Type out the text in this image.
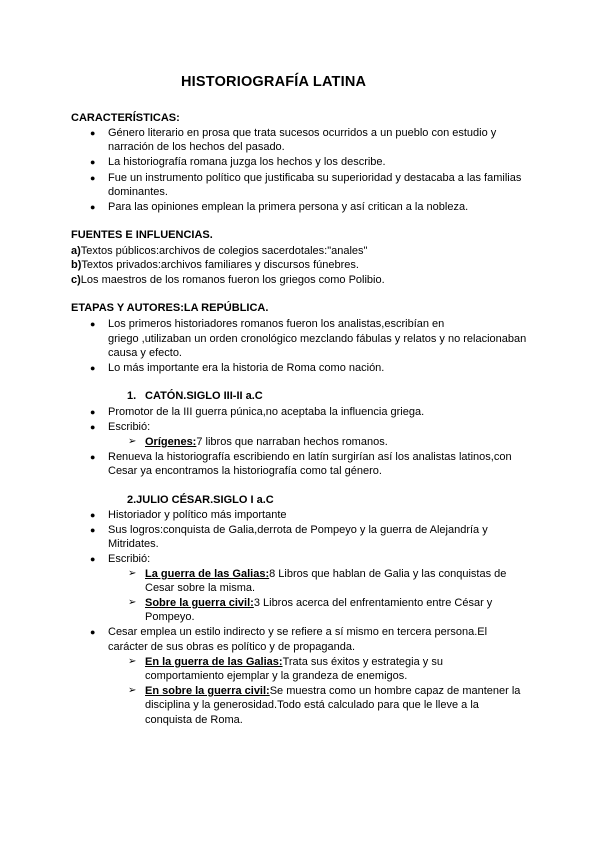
HISTORIOGRAFÍA LATINA
CARACTERÍSTICAS:
● Género literario en prosa que trata sucesos ocurridos a un pueblo con estudio y
narración de los hechos del pasado.
● La historiografía romana juzga los hechos y los describe.
● Fue un instrumento político que justificaba su superioridad y destacaba a las familias
dominantes.
● Para las opiniones emplean la primera persona y así critican a la nobleza.
FUENTES E INFLUENCIAS.
a)Textos públicos:archivos de colegios sacerdotales:"anales"
b)Textos privados:archivos familiares y discursos fúnebres.
c)Los maestros de los romanos fueron los griegos como Polibio.
ETAPAS Y AUTORES:LA REPÚBLICA.
● Los primeros historiadores romanos fueron los analistas,escribían en
griego ,utilizaban un orden cronológico mezclando fábulas y relatos y no relacionaban
causa y efecto.
● Lo más importante era la historia de Roma como nación.
1. CATÓN.SIGLO III-II a.C
● Promotor de la III guerra púnica,no aceptaba la influencia griega.
● Escribió:
➢ Orígenes:7 libros que narraban hechos romanos.
● Renueva la historiografía escribiendo en latín surgirían así los analistas latinos,con
Cesar ya encontramos la historiografía como tal género.
2.JULIO CÉSAR.SIGLO I a.C
● Historiador y político más importante
● Sus logros:conquista de Galia,derrota de Pompeyo y la guerra de Alejandría y
Mitridates.
● Escribió:
➢ La guerra de las Galias:8 Libros que hablan de Galia y las conquistas de
Cesar sobre la misma.
➢ Sobre la guerra civil:3 Libros acerca del enfrentamiento entre César y
Pompeyo.
● Cesar emplea un estilo indirecto y se refiere a sí mismo en tercera persona.El
carácter de sus obras es político y de propaganda.
➢ En la guerra de las Galias:Trata sus éxitos y estrategia y su
comportamiento ejemplar y la grandeza de enemigos.
➢ En sobre la guerra civil:Se muestra como un hombre capaz de mantener la
disciplina y la generosidad.Todo está calculado para que le lleve a la
conquista de Roma.
